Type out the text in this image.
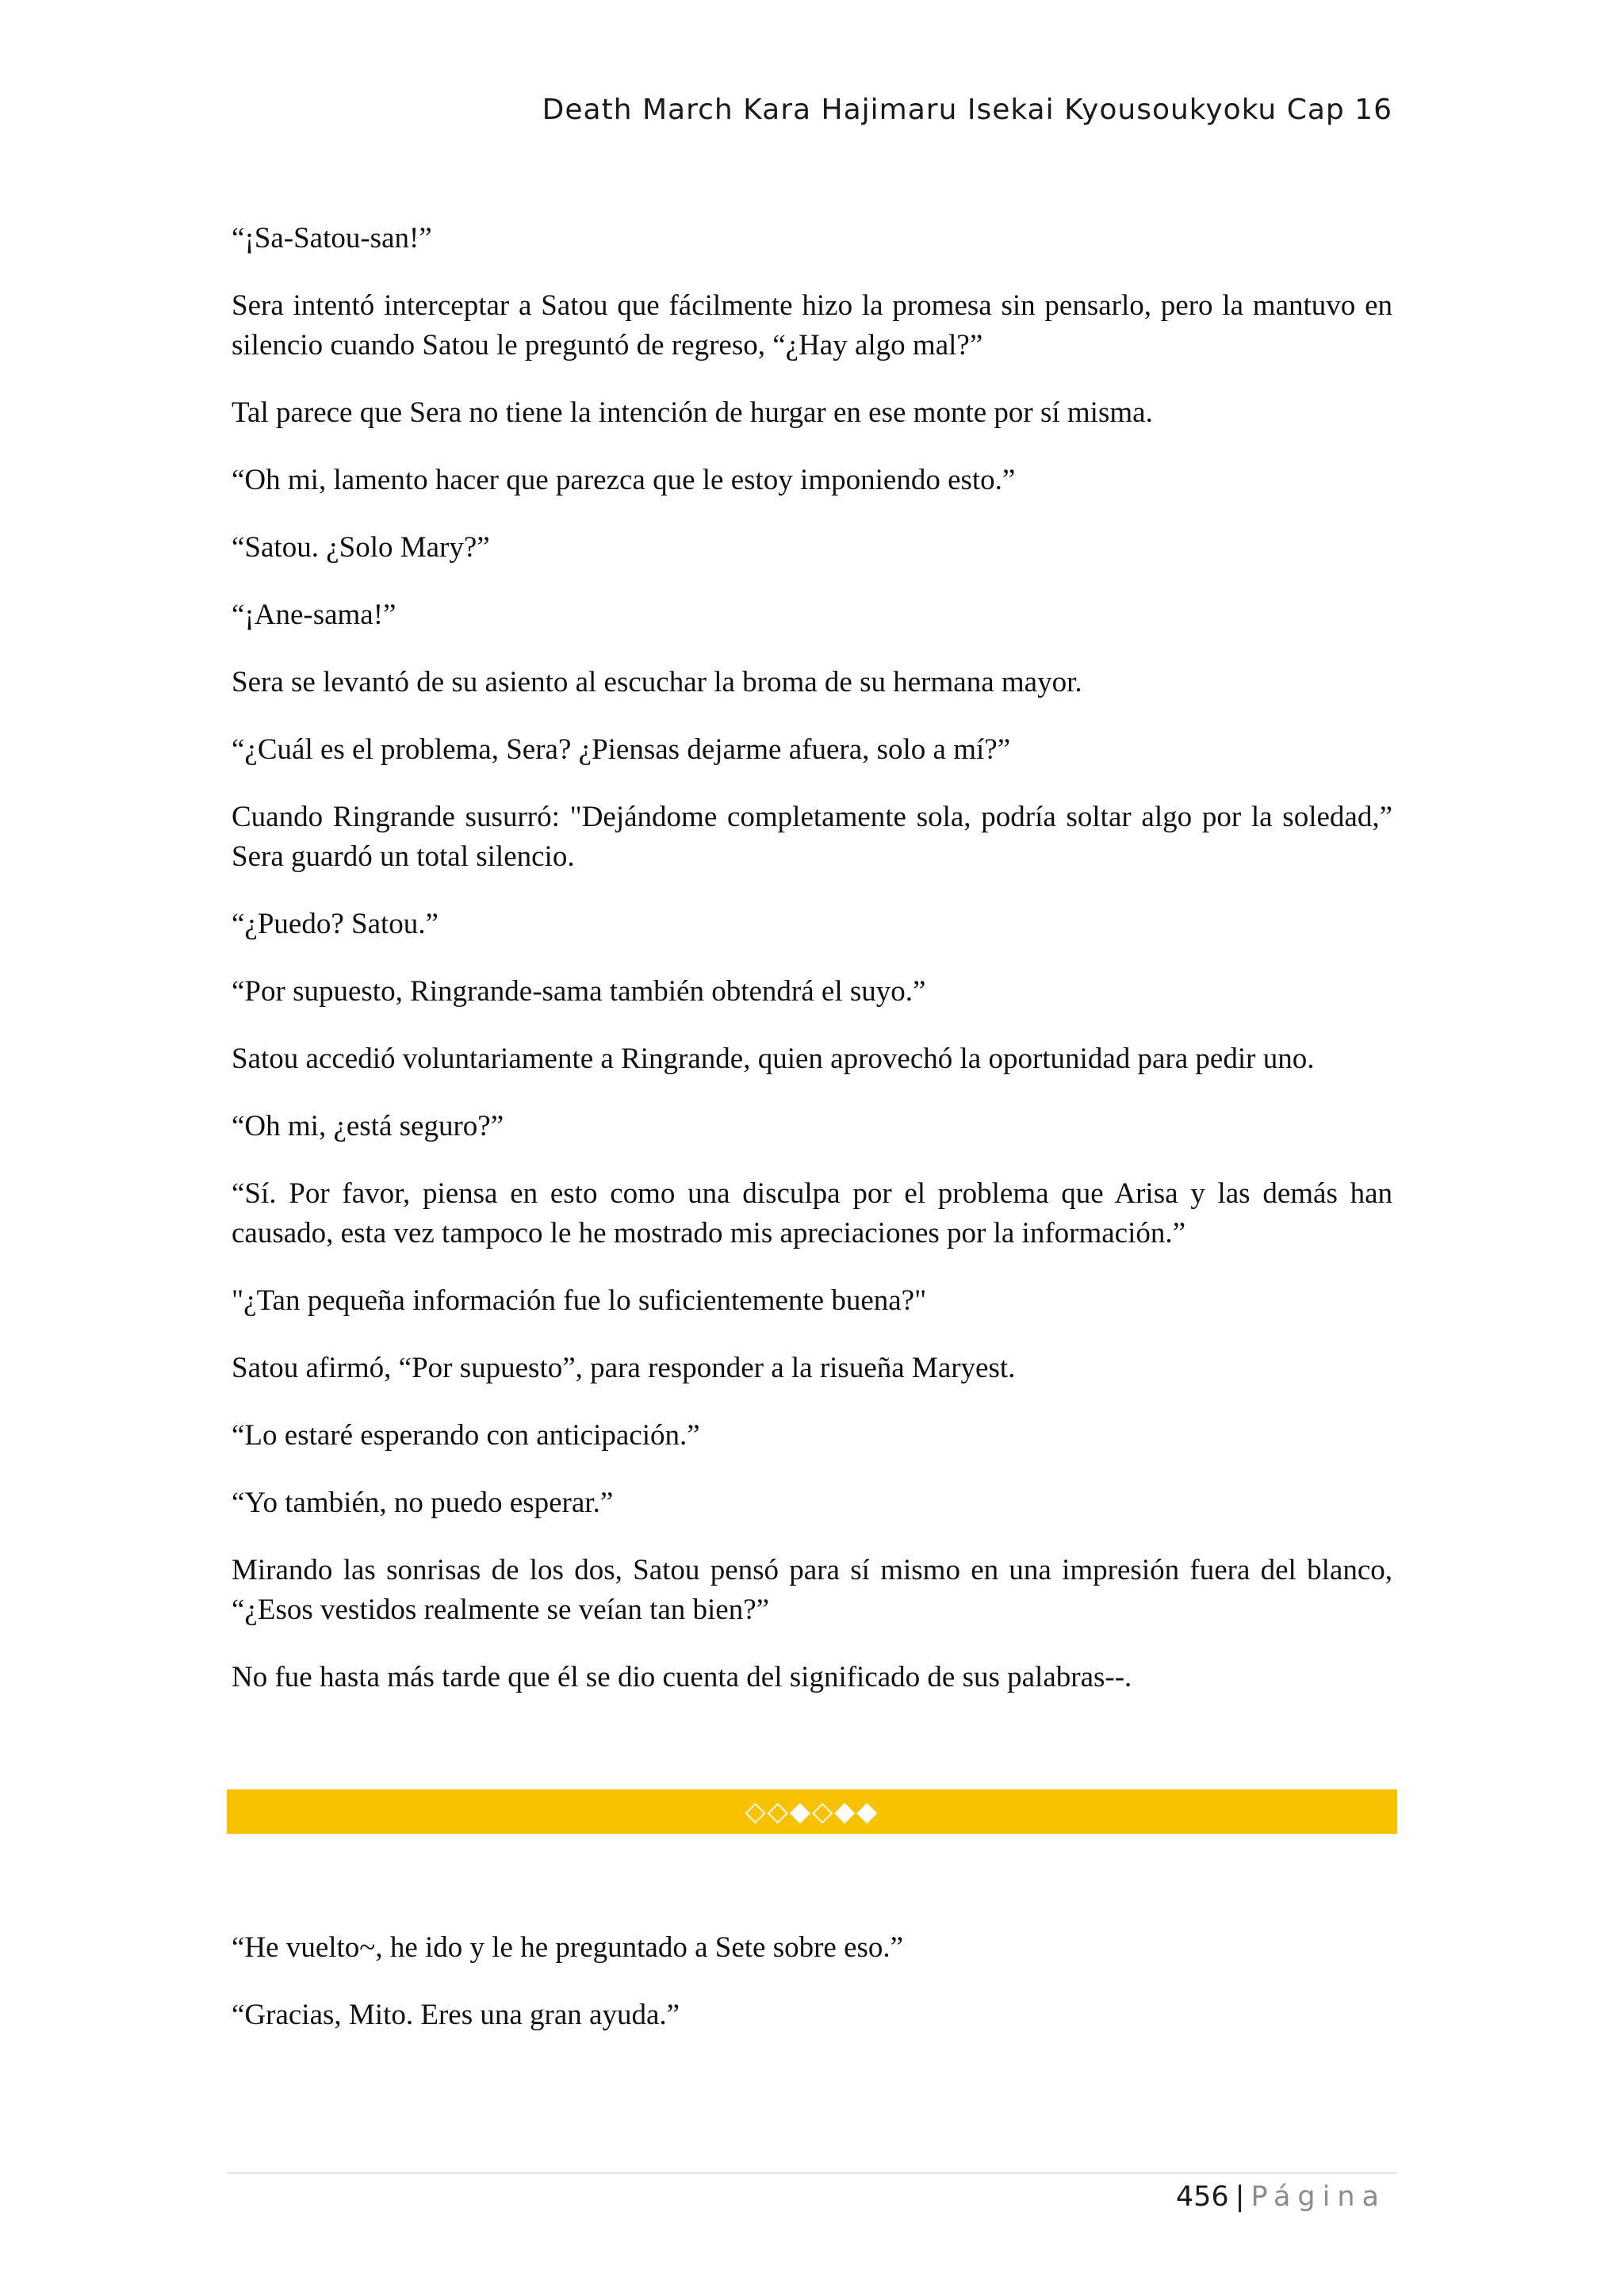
Death March Kara Hajimaru Isekai Kyousoukyoku Cap 16

“¡Sa-Satou-san!”

Sera intentó interceptar a Satou que fácilmente hizo la promesa sin pensarlo, pero la mantuvo en silencio cuando Satou le preguntó de regreso, “¿Hay algo mal?”

Tal parece que Sera no tiene la intención de hurgar en ese monte por sí misma.

“Oh mi, lamento hacer que parezca que le estoy imponiendo esto.”

“Satou. ¿Solo Mary?”

“¡Ane-sama!”

Sera se levantó de su asiento al escuchar la broma de su hermana mayor.

“¿Cuál es el problema, Sera? ¿Piensas dejarme afuera, solo a mí?”

Cuando Ringrande susurró: "Dejándome completamente sola, podría soltar algo por la soledad,” Sera guardó un total silencio.

“¿Puedo? Satou.”

“Por supuesto, Ringrande-sama también obtendrá el suyo.”

Satou accedió voluntariamente a Ringrande, quien aprovechó la oportunidad para pedir uno.

“Oh mi, ¿está seguro?”

“Sí. Por favor, piensa en esto como una disculpa por el problema que Arisa y las demás han causado, esta vez tampoco le he mostrado mis apreciaciones por la información.”

"¿Tan pequeña información fue lo suficientemente buena?"

Satou afirmó, “Por supuesto”, para responder a la risueña Maryest.

“Lo estaré esperando con anticipación.”

“Yo también, no puedo esperar.”

Mirando las sonrisas de los dos, Satou pensó para sí mismo en una impresión fuera del blanco, “¿Esos vestidos realmente se veían tan bien?”

No fue hasta más tarde que él se dio cuenta del significado de sus palabras--.

◇◇◆◇◆◆

“He vuelto~, he ido y le he preguntado a Sete sobre eso.”

“Gracias, Mito. Eres una gran ayuda.”

456 | Página
